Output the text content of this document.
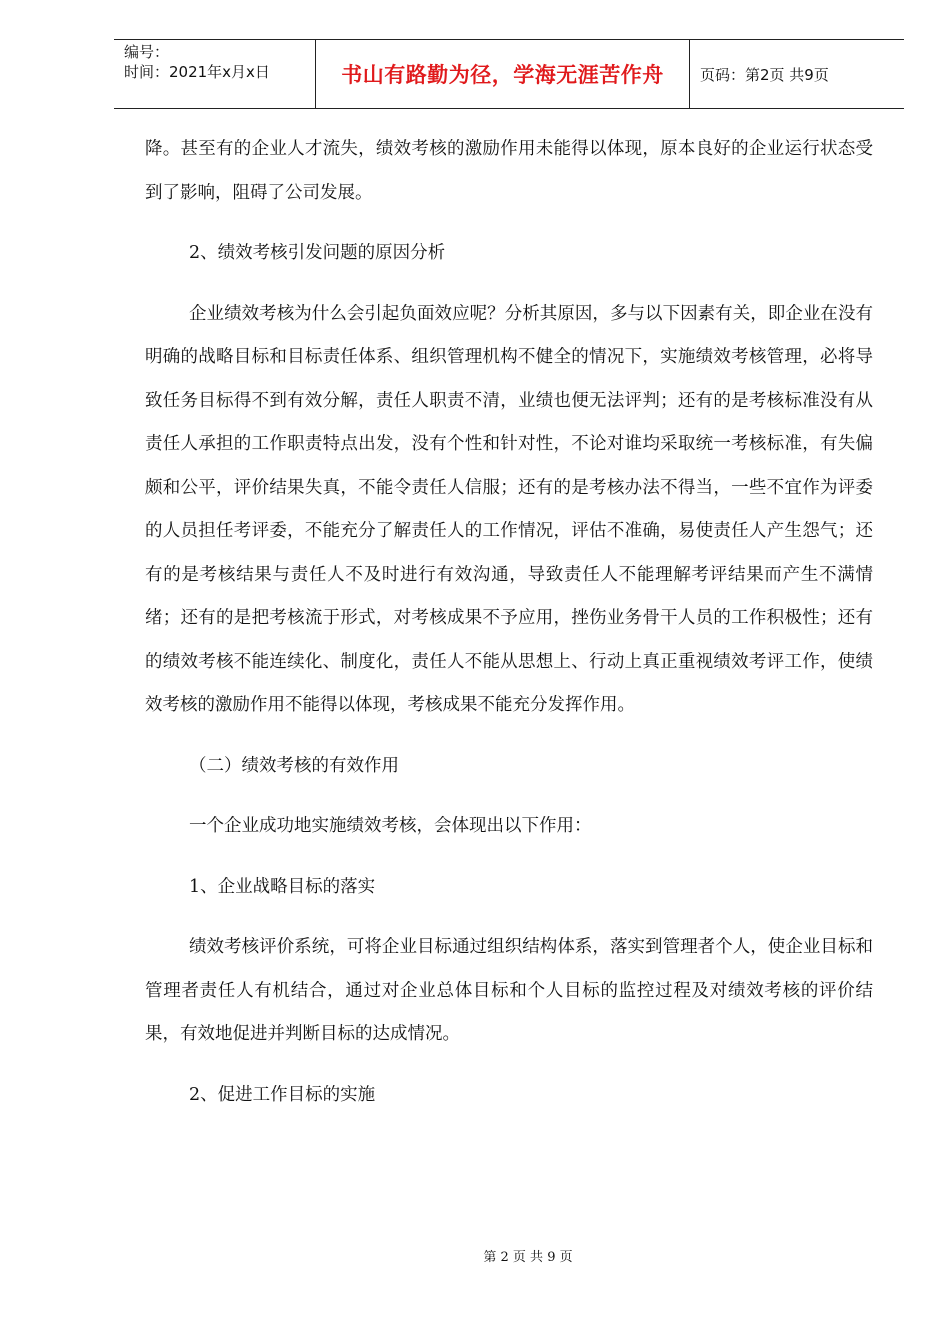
编号：
时间：2021年x月x日	书山有路勤为径，学海无涯苦作舟	页码：第2页 共9页

降。甚至有的企业人才流失，绩效考核的激励作用未能得以体现，原本良好的企业运行状态受到了影响，阻碍了公司发展。

2、绩效考核引发问题的原因分析

企业绩效考核为什么会引起负面效应呢？分析其原因，多与以下因素有关，即企业在没有明确的战略目标和目标责任体系、组织管理机构不健全的情况下，实施绩效考核管理，必将导致任务目标得不到有效分解，责任人职责不清，业绩也便无法评判；还有的是考核标准没有从责任人承担的工作职责特点出发，没有个性和针对性，不论对谁均采取统一考核标准，有失偏颇和公平，评价结果失真，不能令责任人信服；还有的是考核办法不得当，一些不宜作为评委的人员担任考评委，不能充分了解责任人的工作情况，评估不准确，易使责任人产生怨气；还有的是考核结果与责任人不及时进行有效沟通，导致责任人不能理解考评结果而产生不满情绪；还有的是把考核流于形式，对考核成果不予应用，挫伤业务骨干人员的工作积极性；还有的绩效考核不能连续化、制度化，责任人不能从思想上、行动上真正重视绩效考评工作，使绩效考核的激励作用不能得以体现，考核成果不能充分发挥作用。

（二）绩效考核的有效作用

一个企业成功地实施绩效考核，会体现出以下作用：

1、企业战略目标的落实

绩效考核评价系统，可将企业目标通过组织结构体系，落实到管理者个人，使企业目标和管理者责任人有机结合，通过对企业总体目标和个人目标的监控过程及对绩效考核的评价结果，有效地促进并判断目标的达成情况。

2、促进工作目标的实施

第 2 页 共 9 页
